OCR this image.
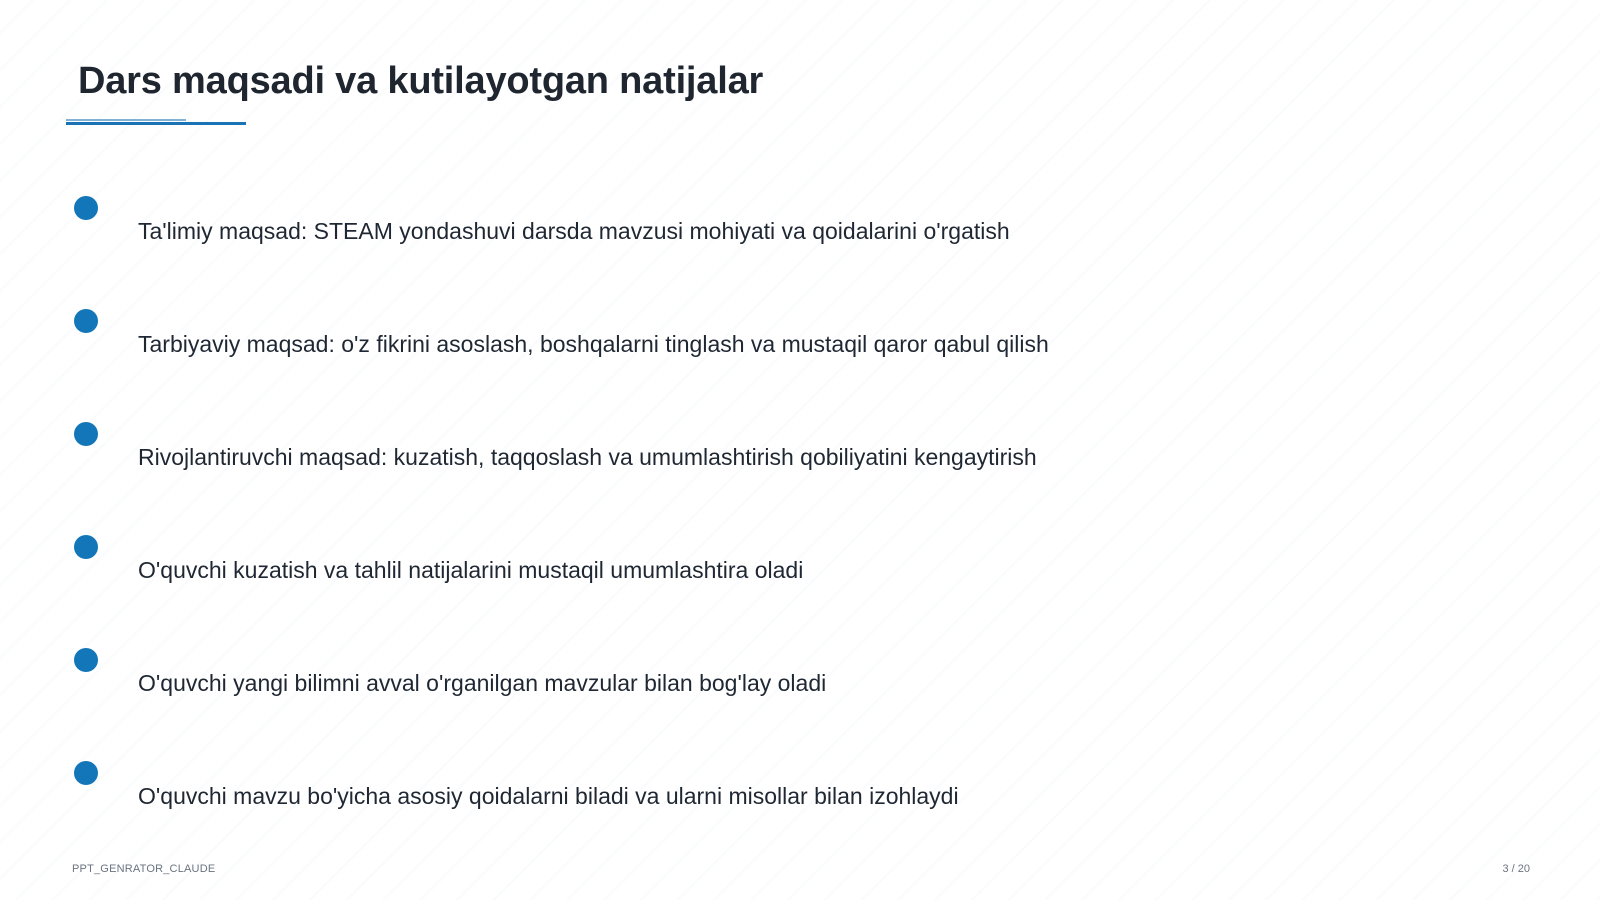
Dars maqsadi va kutilayotgan natijalar
Ta'limiy maqsad: STEAM yondashuvi darsda mavzusi mohiyati va qoidalarini o'rgatish
Tarbiyaviy maqsad: o'z fikrini asoslash, boshqalarni tinglash va mustaqil qaror qabul qilish
Rivojlantiruvchi maqsad: kuzatish, taqqoslash va umumlashtirish qobiliyatini kengaytirish
O'quvchi kuzatish va tahlil natijalarini mustaqil umumlashtira oladi
O'quvchi yangi bilimni avval o'rganilgan mavzular bilan bog'lay oladi
O'quvchi mavzu bo'yicha asosiy qoidalarni biladi va ularni misollar bilan izohlaydi
PPT_GENRATOR_CLAUDE	3 / 20
